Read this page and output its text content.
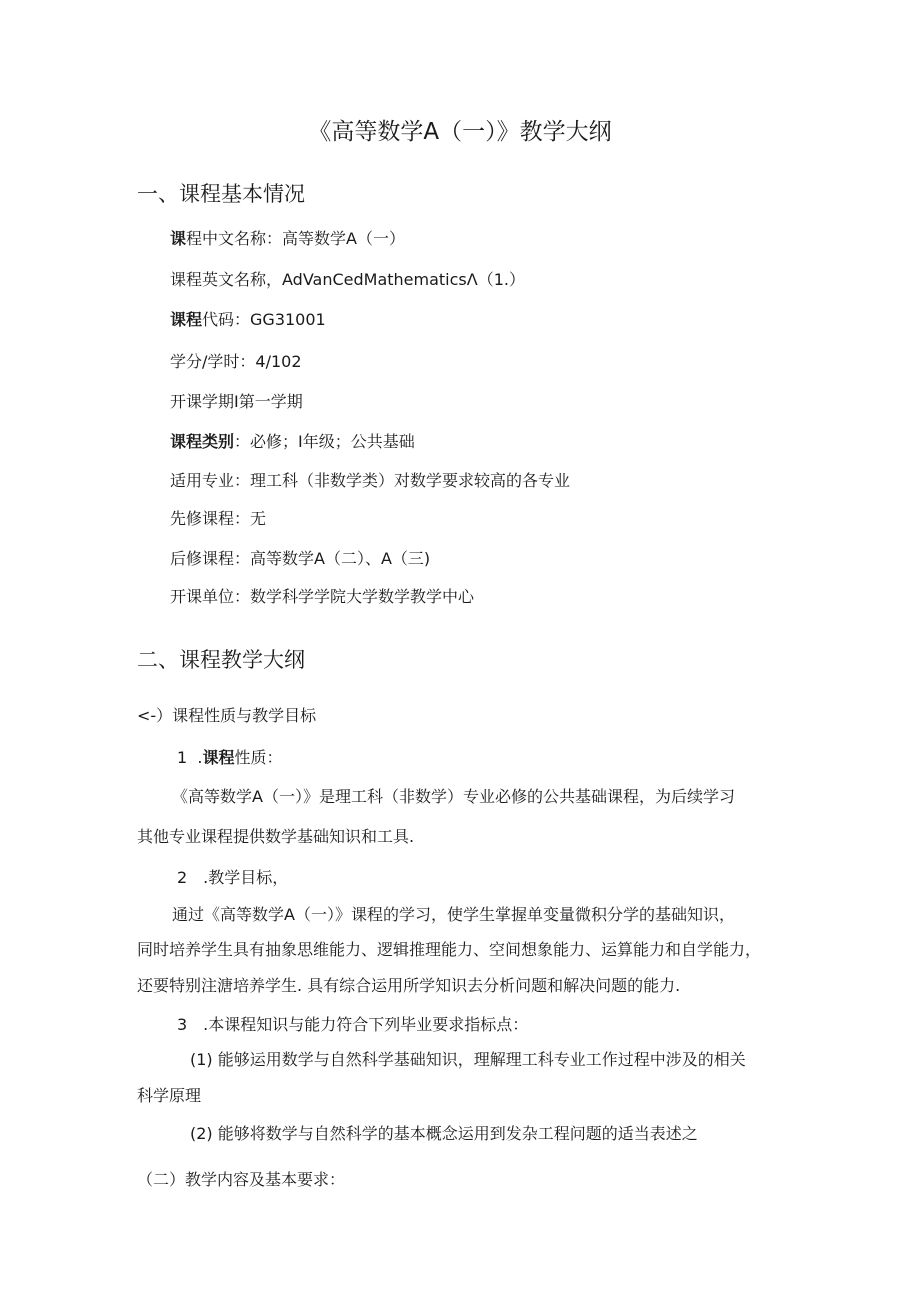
《高等数学A（一）》教学大纲
一、课程基本情况
课程中文名称：高等数学A（一）
课程英文名称，AdVanCedMathematicsΛ（1.）
课程代码：GG31001
学分/学时：4/102
开课学期I第一学期
课程类别：必修；I年级；公共基础
适用专业：理工科（非数学类）对数学要求较高的各专业
先修课程：无
后修课程：高等数学A（二）、A（三)
开课单位：数学科学学院大学数学教学中心
二、课程教学大纲
<-）课程性质与教学目标
1  .课程性质：
《高等数学A（一）》是理工科（非数学）专业必修的公共基础课程，为后续学习
其他专业课程提供数学基础知识和工具.
2　.教学目标，
通过《高等数学A（一）》课程的学习，使学生掌握单变量微积分学的基础知识，
同时培养学生具有抽象思维能力、逻辑推理能力、空间想象能力、运算能力和自学能力，
还要特别注溏培养学生. 具有综合运用所学知识去分析问题和解决问题的能力.
3　.本课程知识与能力符合下列毕业要求指标点：
(1) 能够运用数学与自然科学基础知识，理解理工科专业工作过程中涉及的相关
科学原理
(2) 能够将数学与自然科学的基本概念运用到发杂工程问题的适当表述之
（二）教学内容及基本要求：
